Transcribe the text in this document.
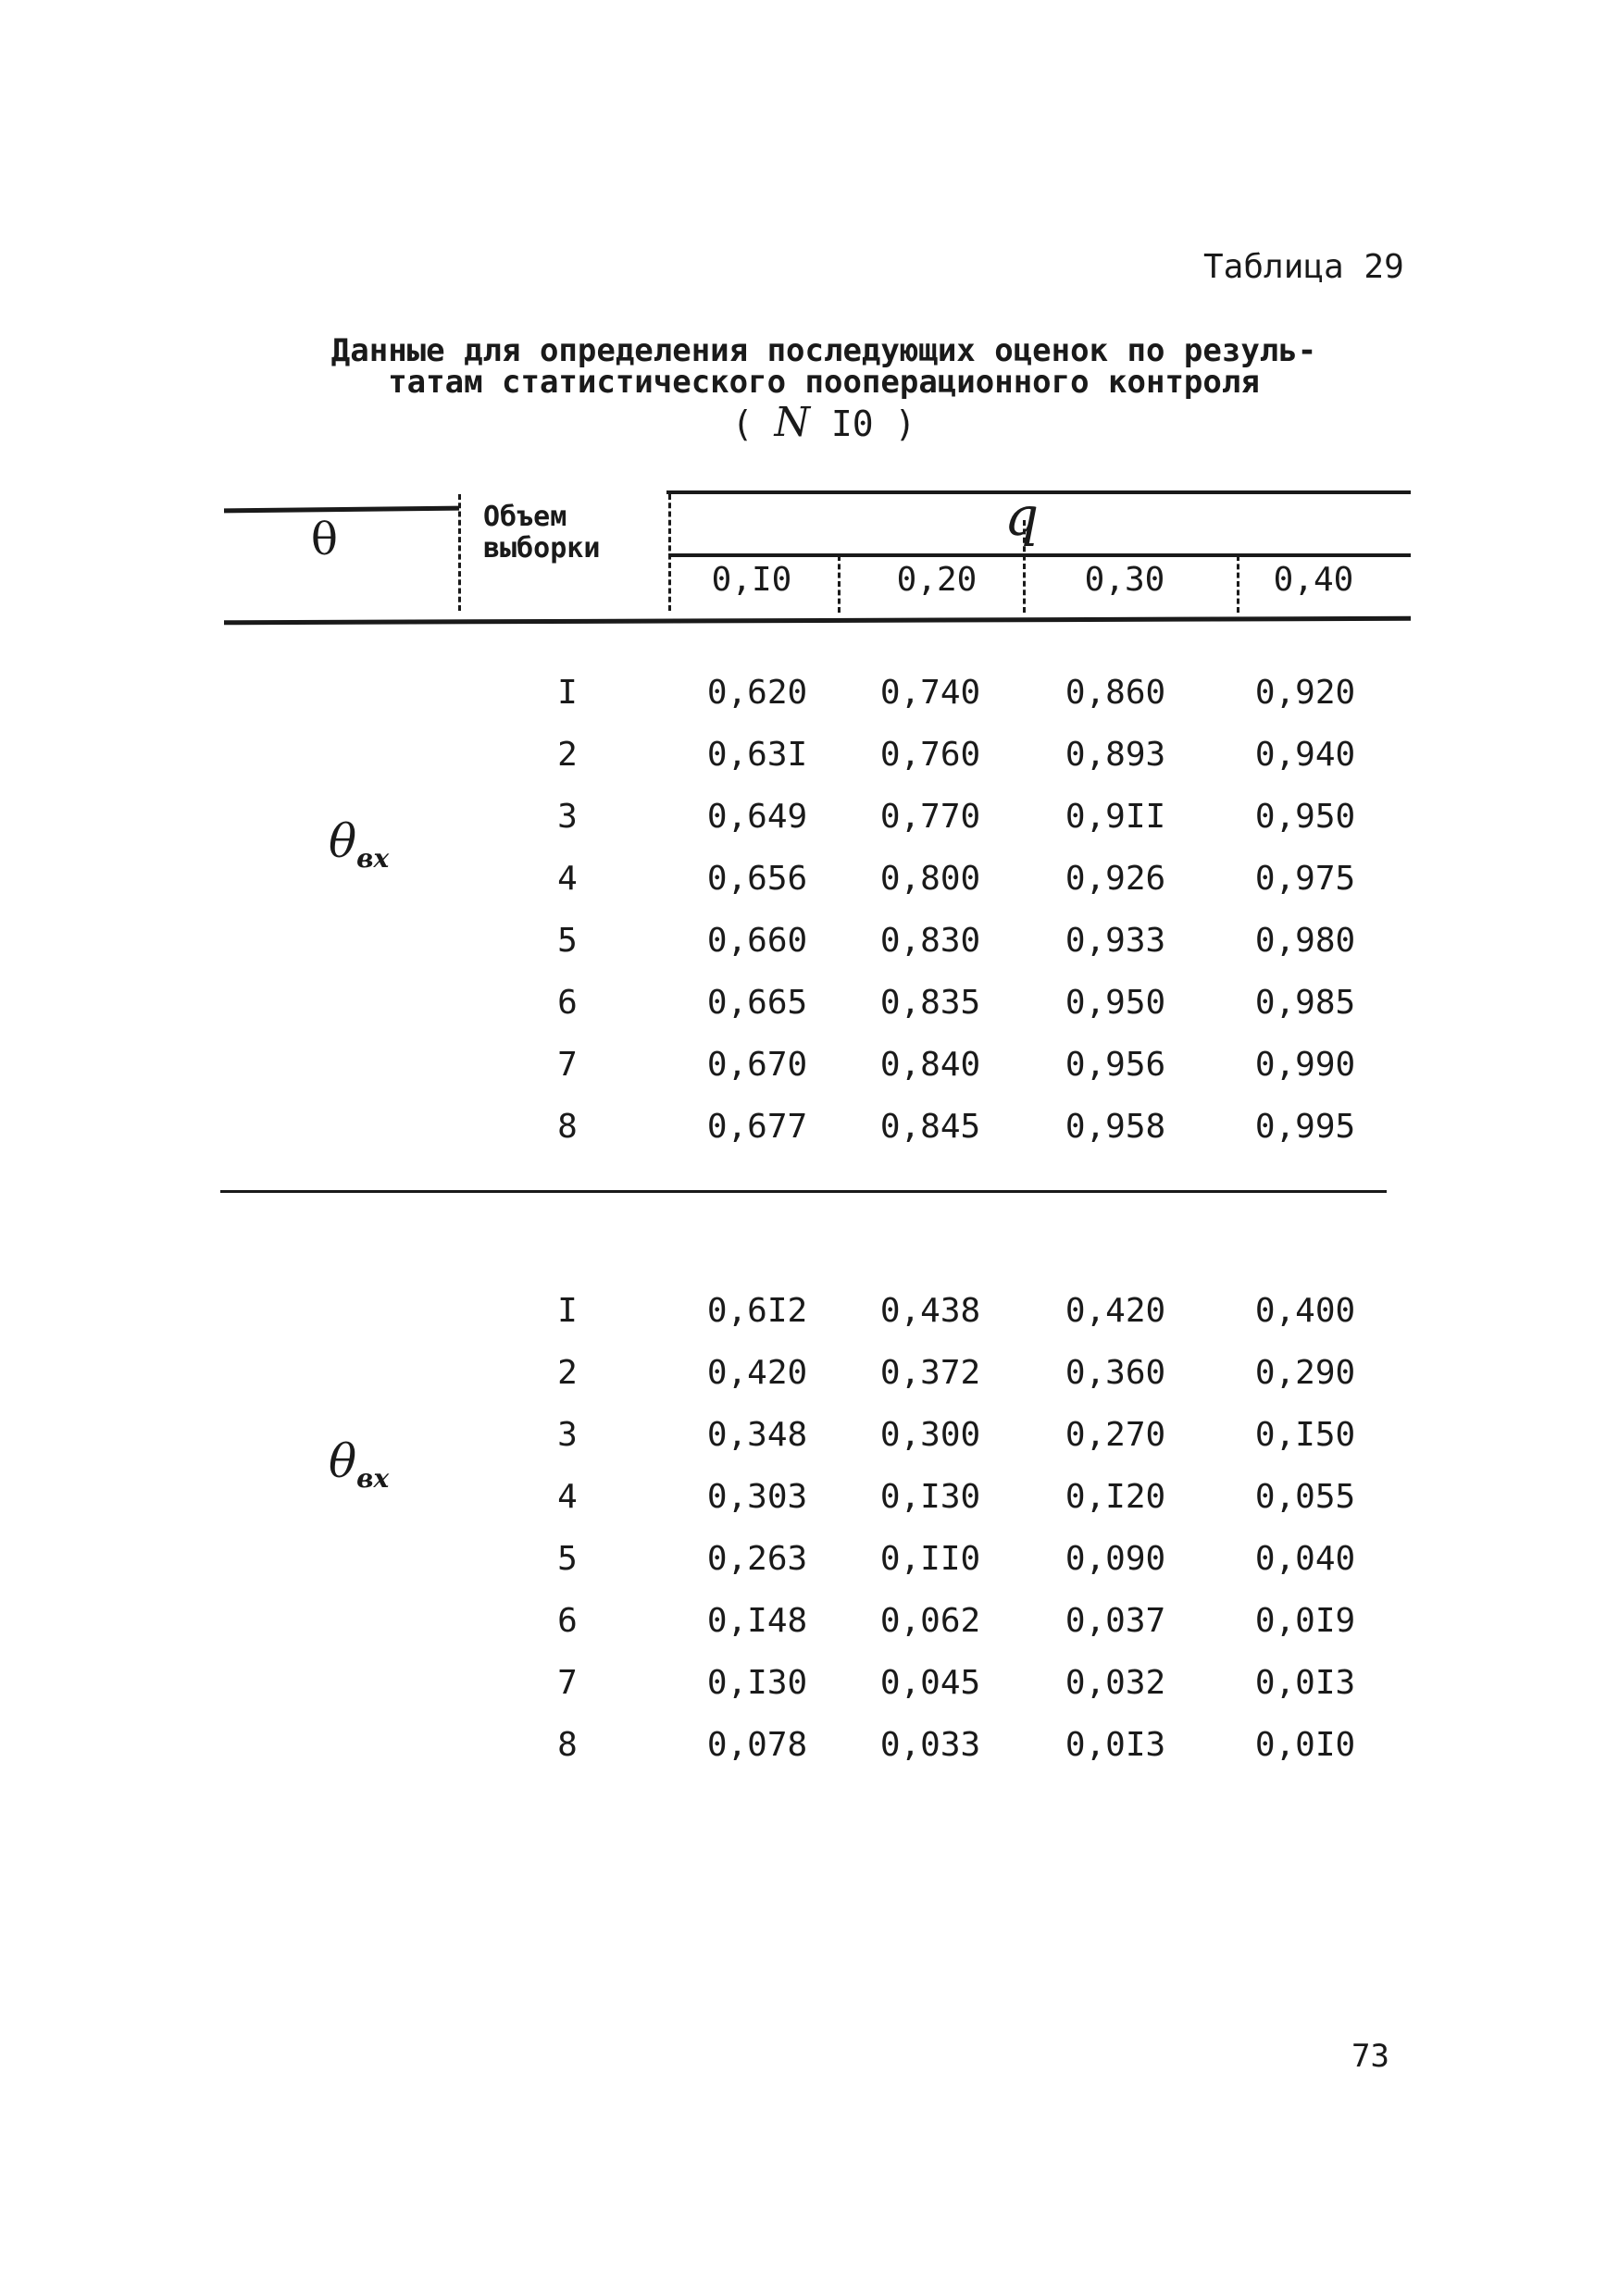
Таблица 29
Данные для определения последующих оценок по резуль-
татам статистического пооперационного контроля
( N I0 )
θ	Объем
выборки
q
0,I0	0,20	0,30	0,40
$\theta_{вх}$
I	0,620	0,740	0,860	0,920
2	0,63I	0,760	0,893	0,940
3	0,649	0,770	0,9II	0,950
4	0,656	0,800	0,926	0,975
5	0,660	0,830	0,933	0,980
6	0,665	0,835	0,950	0,985
7	0,670	0,840	0,956	0,990
8	0,677	0,845	0,958	0,995
$\theta_{вх}$
I	0,6I2	0,438	0,420	0,400
2	0,420	0,372	0,360	0,290
3	0,348	0,300	0,270	0,I50
4	0,303	0,I30	0,I20	0,055
5	0,263	0,II0	0,090	0,040
6	0,I48	0,062	0,037	0,0I9
7	0,I30	0,045	0,032	0,0I3
8	0,078	0,033	0,0I3	0,0I0
73
